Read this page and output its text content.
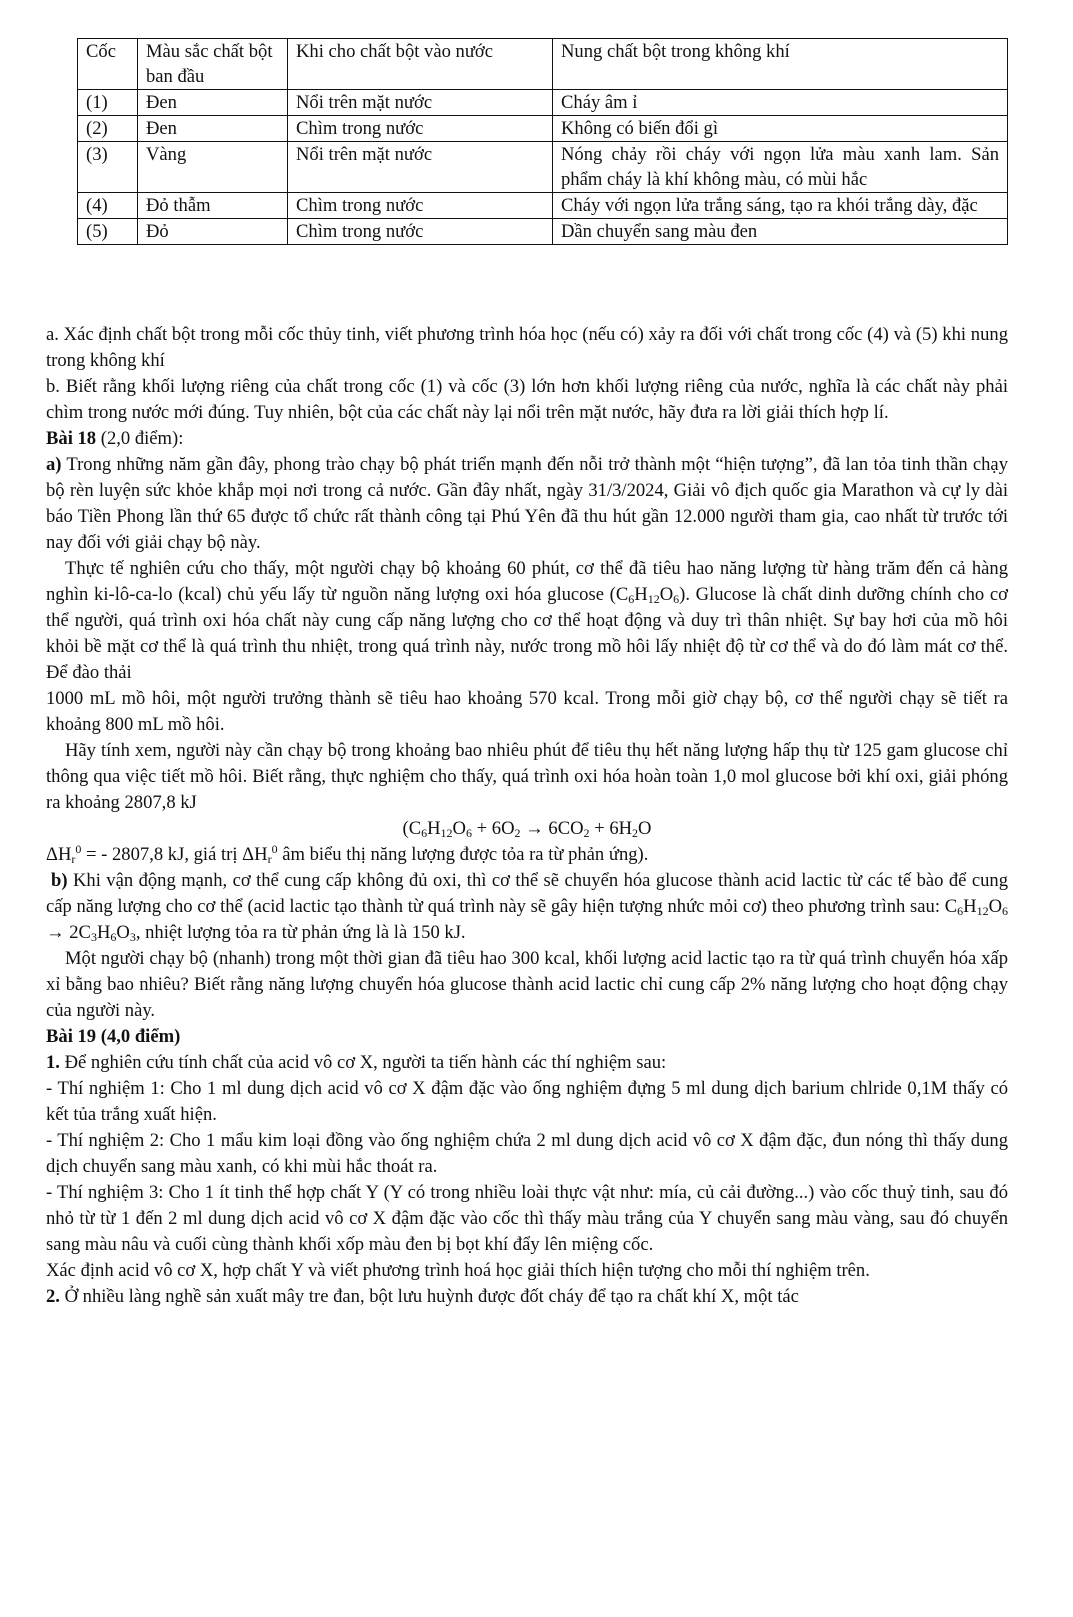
Cốc	Màu sắc chất bột ban đầu	Khi cho chất bột vào nước	Nung chất bột trong không khí
(1)	Đen	Nổi trên mặt nước	Cháy âm ỉ
(2)	Đen	Chìm trong nước	Không có biến đổi gì
(3)	Vàng	Nổi trên mặt nước	Nóng chảy rồi cháy với ngọn lửa màu xanh lam. Sản phẩm cháy là khí không màu, có mùi hắc
(4)	Đỏ thẫm	Chìm trong nước	Cháy với ngọn lửa trắng sáng, tạo ra khói trắng dày, đặc
(5)	Đỏ	Chìm trong nước	Dần chuyển sang màu đen

a. Xác định chất bột trong mỗi cốc thủy tinh, viết phương trình hóa học (nếu có) xảy ra đối với chất trong cốc (4) và (5) khi nung trong không khí

b. Biết rằng khối lượng riêng của chất trong cốc (1) và cốc (3) lớn hơn khối lượng riêng của nước, nghĩa là các chất này phải chìm trong nước mới đúng. Tuy nhiên, bột của các chất này lại nổi trên mặt nước, hãy đưa ra lời giải thích hợp lí.

Bài 18 (2,0 điểm):

a) Trong những năm gần đây, phong trào chạy bộ phát triển mạnh đến nỗi trở thành một “hiện tượng”, đã lan tỏa tinh thần chạy bộ rèn luyện sức khỏe khắp mọi nơi trong cả nước. Gần đây nhất, ngày 31/3/2024, Giải vô địch quốc gia Marathon và cự ly dài báo Tiền Phong lần thứ 65 được tổ chức rất thành công tại Phú Yên đã thu hút gần 12.000 người tham gia, cao nhất từ trước tới nay đối với giải chạy bộ này.

Thực tế nghiên cứu cho thấy, một người chạy bộ khoảng 60 phút, cơ thể đã tiêu hao năng lượng từ hàng trăm đến cả hàng nghìn ki-lô-ca-lo (kcal) chủ yếu lấy từ nguồn năng lượng oxi hóa glucose $(C_6H_{12}O_6)$. Glucose là chất dinh dưỡng chính cho cơ thể người, quá trình oxi hóa chất này cung cấp năng lượng cho cơ thể hoạt động và duy trì thân nhiệt. Sự bay hơi của mồ hôi khỏi bề mặt cơ thể là quá trình thu nhiệt, trong quá trình này, nước trong mồ hôi lấy nhiệt độ từ cơ thể và do đó làm mát cơ thể. Để đào thải

1000 mL mồ hôi, một người trưởng thành sẽ tiêu hao khoảng 570 kcal. Trong mỗi giờ chạy bộ, cơ thể người chạy sẽ tiết ra khoảng 800 mL mồ hôi.

Hãy tính xem, người này cần chạy bộ trong khoảng bao nhiêu phút để tiêu thụ hết năng lượng hấp thụ từ 125 gam glucose chỉ thông qua việc tiết mồ hôi. Biết rằng, thực nghiệm cho thấy, quá trình oxi hóa hoàn toàn 1,0 mol glucose bởi khí oxi, giải phóng ra khoảng 2807,8 kJ

($C_6H_{12}O_6 + 6O_2 \to 6CO_2 + 6H_2O$

$\Delta H_r^0$ = - 2807,8 kJ, giá trị $\Delta H_r^0$ âm biểu thị năng lượng được tỏa ra từ phản ứng).

b) Khi vận động mạnh, cơ thể cung cấp không đủ oxi, thì cơ thể sẽ chuyển hóa glucose thành acid lactic từ các tế bào để cung cấp năng lượng cho cơ thể (acid lactic tạo thành từ quá trình này sẽ gây hiện tượng nhức mỏi cơ) theo phương trình sau: $C_6H_{12}O_6 \to 2C_3H_6O_3$, nhiệt lượng tỏa ra từ phản ứng là là 150 kJ.

Một người chạy bộ (nhanh) trong một thời gian đã tiêu hao 300 kcal, khối lượng acid lactic tạo ra từ quá trình chuyển hóa xấp xỉ bằng bao nhiêu? Biết rằng năng lượng chuyển hóa glucose thành acid lactic chỉ cung cấp 2% năng lượng cho hoạt động chạy của người này.

Bài 19 (4,0 điểm)

1. Để nghiên cứu tính chất của acid vô cơ X, người ta tiến hành các thí nghiệm sau:

- Thí nghiệm 1: Cho 1 ml dung dịch acid vô cơ X đậm đặc vào ống nghiệm đựng 5 ml dung dịch barium chlride 0,1M thấy có kết tủa trắng xuất hiện.

- Thí nghiệm 2: Cho 1 mẩu kim loại đồng vào ống nghiệm chứa 2 ml dung dịch acid vô cơ X đậm đặc, đun nóng thì thấy dung dịch chuyển sang màu xanh, có khi mùi hắc thoát ra.

- Thí nghiệm 3: Cho 1 ít tinh thể hợp chất Y (Y có trong nhiều loài thực vật như: mía, củ cải đường...) vào cốc thuỷ tinh, sau đó nhỏ từ từ 1 đến 2 ml dung dịch acid vô cơ X đậm đặc vào cốc thì thấy màu trắng của Y chuyển sang màu vàng, sau đó chuyển sang màu nâu và cuối cùng thành khối xốp màu đen bị bọt khí đẩy lên miệng cốc.

Xác định acid vô cơ X, hợp chất Y và viết phương trình hoá học giải thích hiện tượng cho mỗi thí nghiệm trên.

2. Ở nhiều làng nghề sản xuất mây tre đan, bột lưu huỳnh được đốt cháy để tạo ra chất khí X, một tác
